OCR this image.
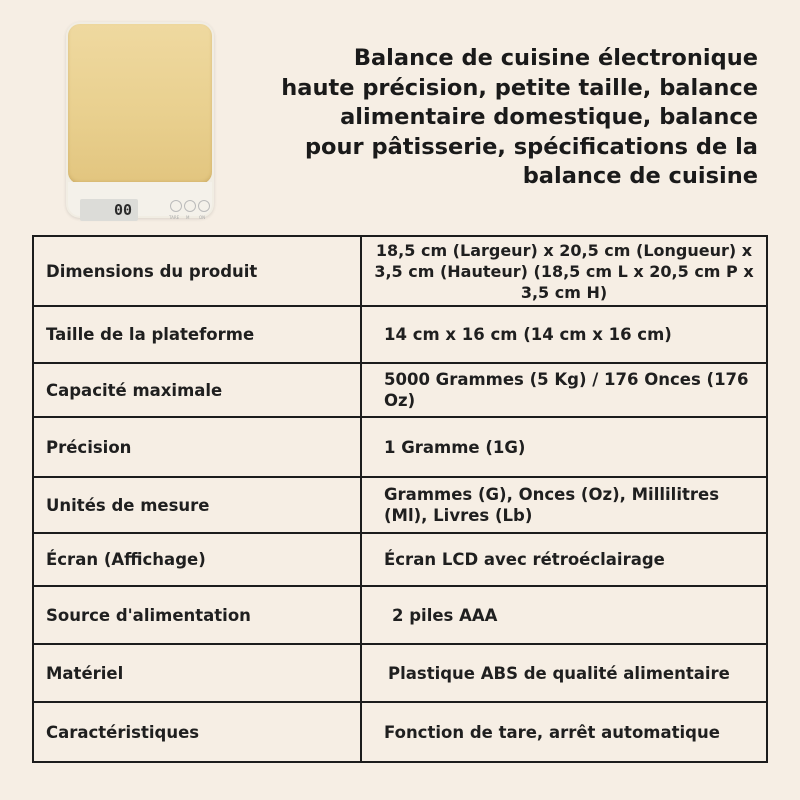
00	TARE M ON
Balance de cuisine électronique haute précision, petite taille, balance alimentaire domestique, balance pour pâtisserie, spécifications de la balance de cuisine
Dimensions du produit	18,5 cm (Largeur) x 20,5 cm (Longueur) x 3,5 cm (Hauteur) (18,5 cm L x 20,5 cm P x 3,5 cm H)
Taille de la plateforme	14 cm x 16 cm (14 cm x 16 cm)
Capacité maximale	5000 Grammes (5 Kg) / 176 Onces (176 Oz)
Précision	1 Gramme (1G)
Unités de mesure	Grammes (G), Onces (Oz), Millilitres (Ml), Livres (Lb)
Écran (Affichage)	Écran LCD avec rétroéclairage
Source d'alimentation	2 piles AAA
Matériel	Plastique ABS de qualité alimentaire
Caractéristiques	Fonction de tare, arrêt automatique
